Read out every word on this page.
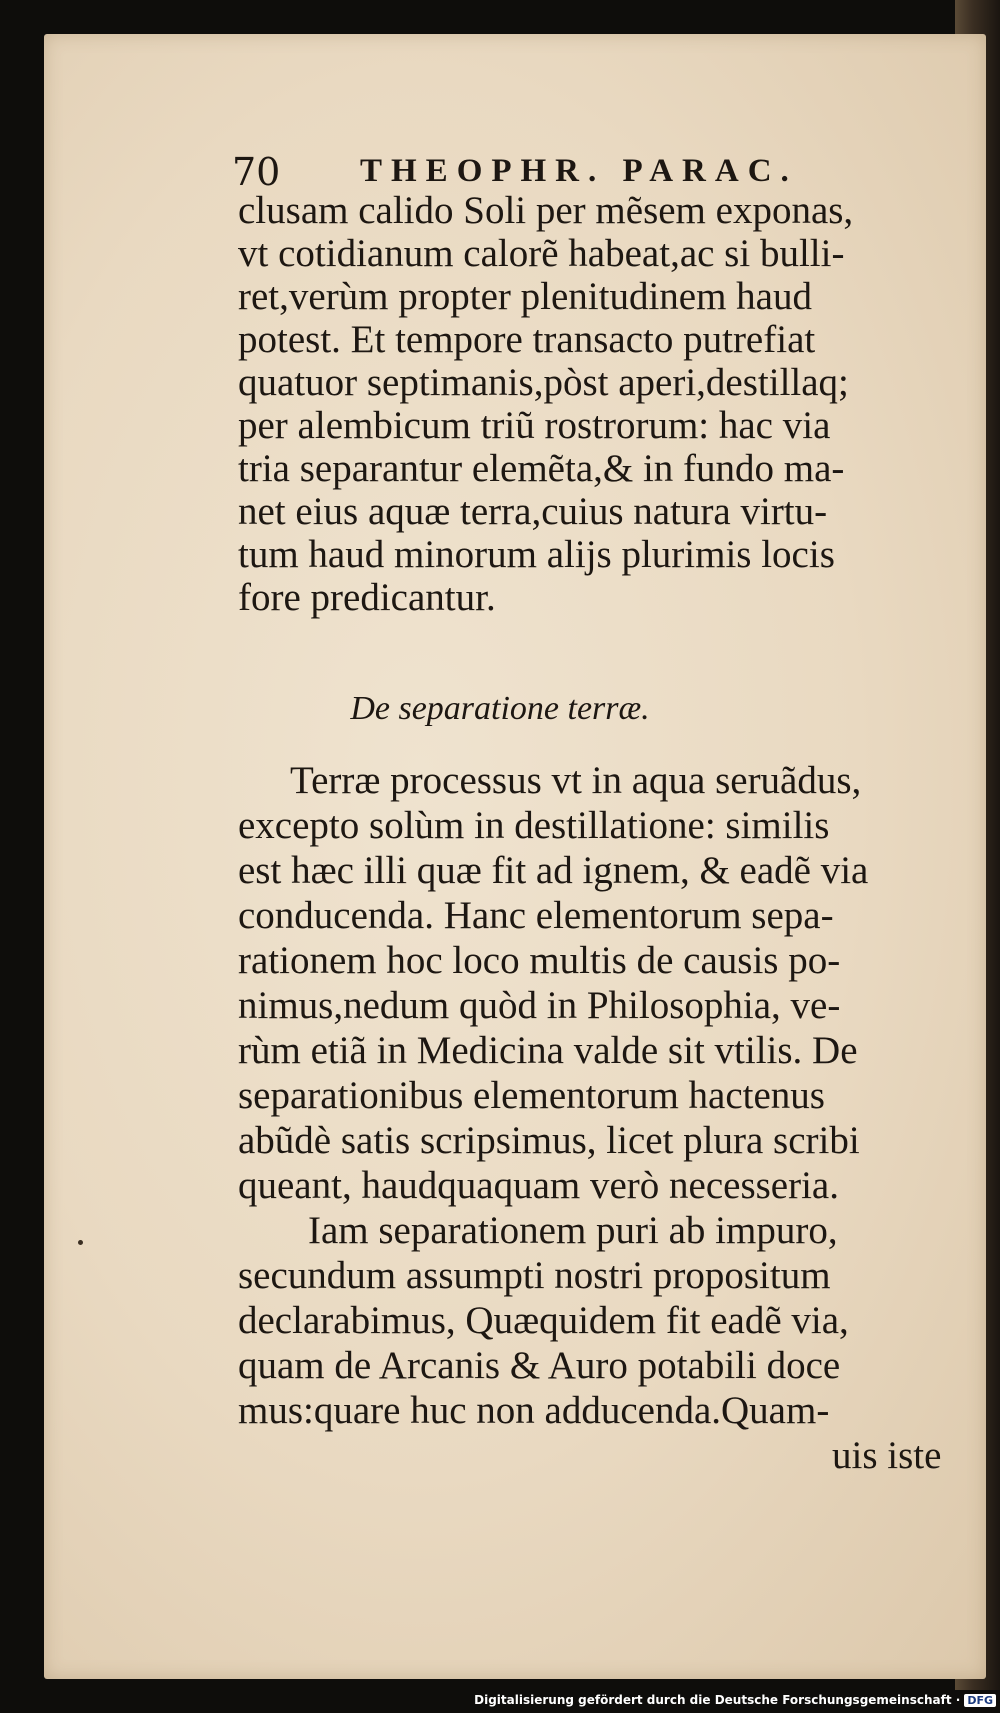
70 THEOPHR. PARAC.
clusam calido Soli per mẽsem exponas,
vt cotidianum calorẽ habeat,ac si bulli-
ret,verùm propter plenitudinem haud
potest. Et tempore transacto putrefiat
quatuor septimanis,pòst aperi,destillaq;
per alembicum triũ rostrorum: hac via
tria separantur elemẽta,& in fundo ma-
net eius aquæ terra,cuius natura virtu-
tum haud minorum aliјs plurimis locis
fore predicantur.
De separatione terræ.
Terræ processus vt in aqua seruãdus,
excepto solùm in destillatione: similis
est hæc illi quæ fit ad ignem, & eadẽ via
conducenda. Hanc elementorum sepa-
rationem hoc loco multis de causis po-
nimus,nedum quòd in Philosophia, ve-
rùm etiã in Medicina valde sit vtilis. De
separationibus elementorum hactenus
abũdè satis scripsimus, licet plura scribi
queant, haudquaquam verò necesseria.
Iam separationem puri ab impuro,
secundum assumpti nostri propositum
declarabimus, Quæquidem fit eadẽ via,
quam de Arcanis & Auro potabili doce
mus:quare huc non adducenda.Quam-
uis iste
Digitalisierung gefördert durch die Deutsche Forschungsgemeinschaft · DFG
